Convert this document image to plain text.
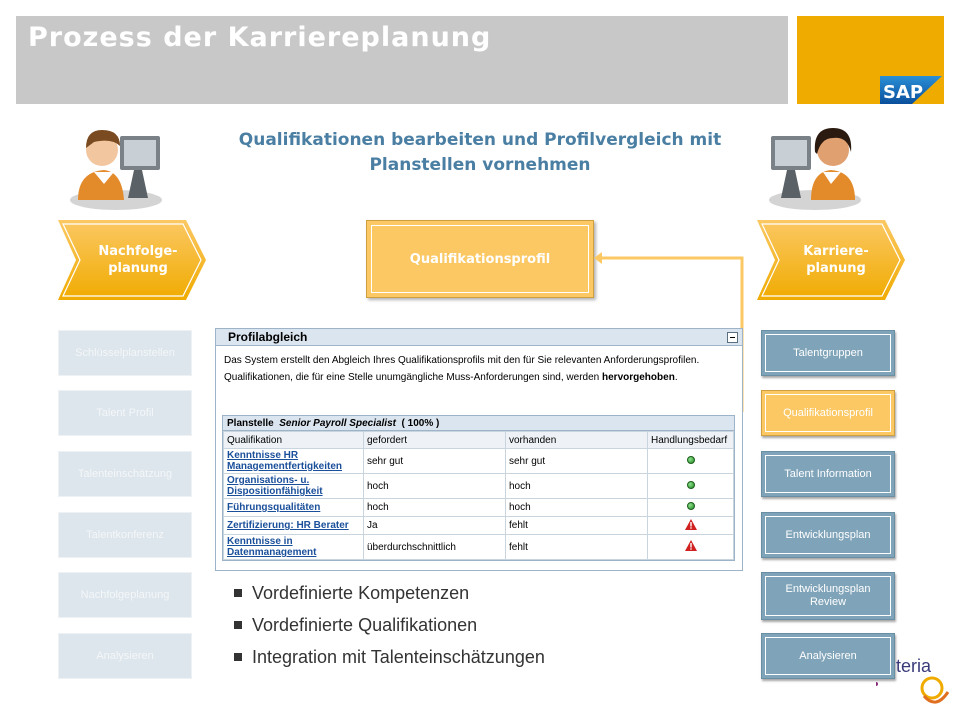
Prozess der Karriereplanung
SAP
Qualifikationen bearbeiten und Profilvergleich mit
Planstellen vornehmen
Nachfolge-
planung
Karriere-
planung
Qualifikationsprofil
Schlüsselplanstellen
Talent Profil
Talenteinschätzung
Talentkonferenz
Nachfolgeplanung
Analysieren
Talentgruppen
Qualifikationsprofil
Talent Information
Entwicklungsplan
Entwicklungsplan Review
Analysieren
Profilabgleich
Das System erstellt den Abgleich Ihres Qualifikationsprofils mit den für Sie relevanten Anforderungsprofilen.
Qualifikationen, die für eine Stelle unumgängliche Muss-Anforderungen sind, werden hervorgehoben.
Planstelle Senior Payroll Specialist ( 100% )
Qualifikation	gefordert	vorhanden	Handlungsbedarf
Kenntnisse HR Managementfertigkeiten	sehr gut	sehr gut	
Organisations- u. Dispositionfähigkeit	hoch	hoch	
Führungsqualitäten	hoch	hoch	
Zertifizierung: HR Berater	Ja	fehlt	
Kenntnisse in Datenmanagement	überdurchschnittlich	fehlt	
Vordefinierte Kompetenzen
Vordefinierte Qualifikationen
Integration mit Talenteinschätzungen	teria
